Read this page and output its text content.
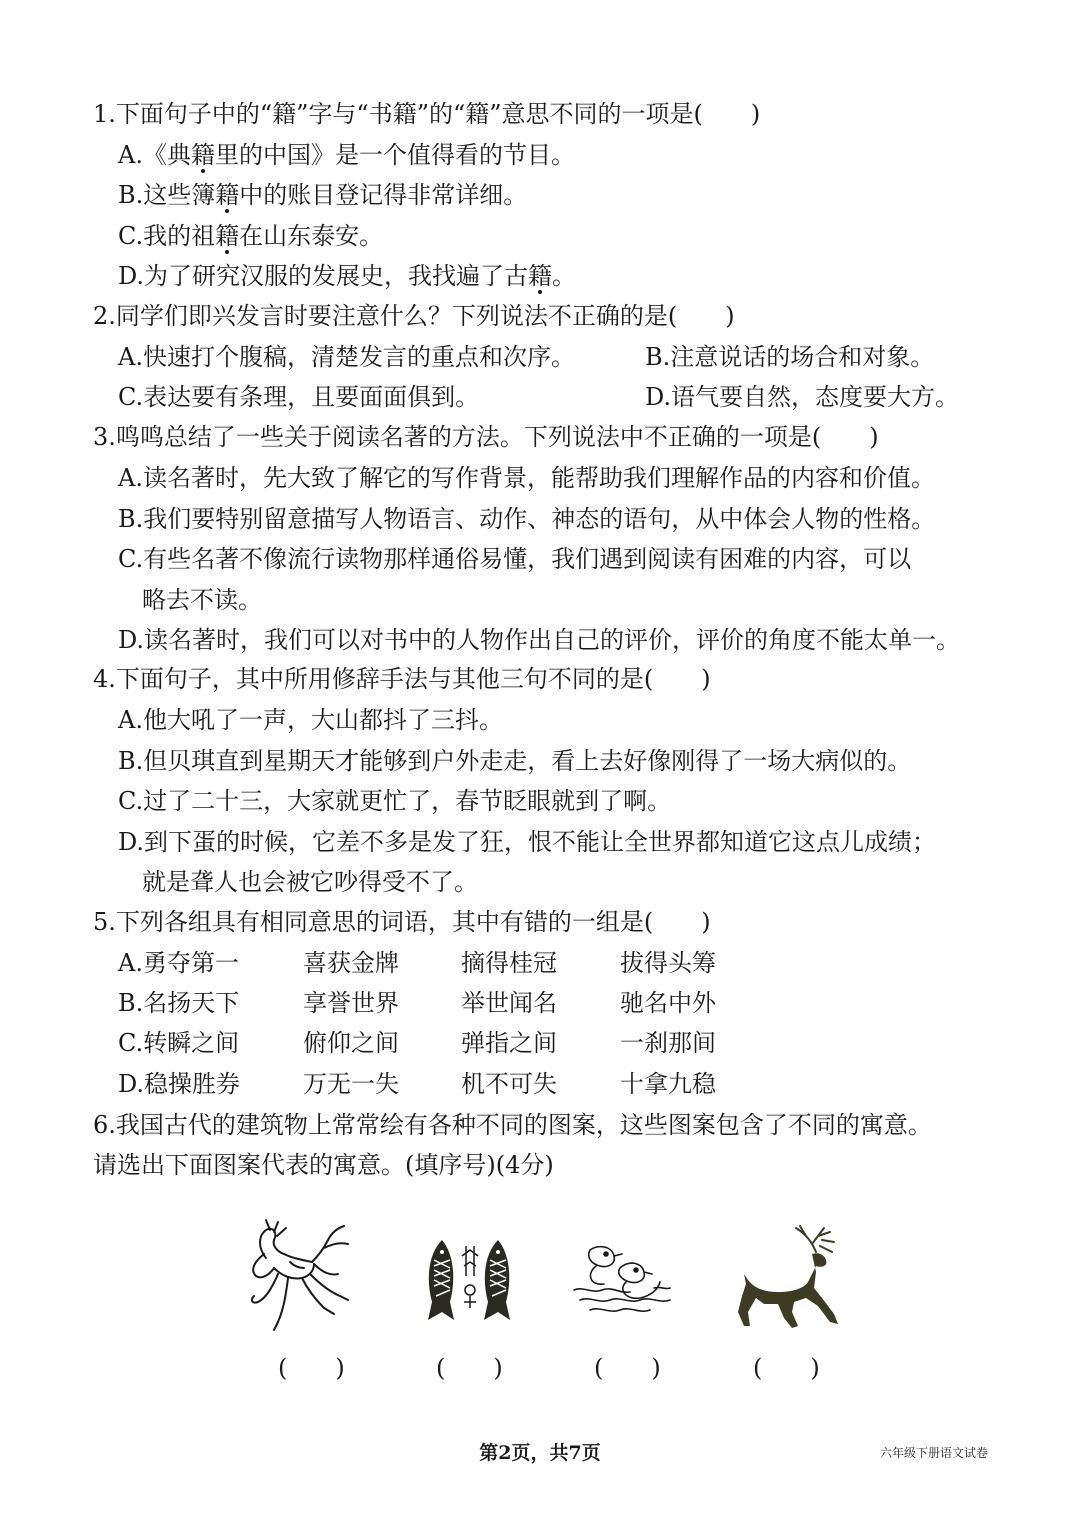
1.下面句子中的“籍”字与“书籍”的“籍”意思不同的一项是(　　)
A.《典籍里的中国》是一个值得看的节目。
B.这些簿籍中的账目登记得非常详细。
C.我的祖籍在山东泰安。
D.为了研究汉服的发展史，我找遍了古籍。
2.同学们即兴发言时要注意什么？下列说法不正确的是(　　)
A.快速打个腹稿，清楚发言的重点和次序。	B.注意说话的场合和对象。
C.表达要有条理，且要面面俱到。	D.语气要自然，态度要大方。
3.鸣鸣总结了一些关于阅读名著的方法。下列说法中不正确的一项是(　　)
A.读名著时，先大致了解它的写作背景，能帮助我们理解作品的内容和价值。
B.我们要特别留意描写人物语言、动作、神态的语句，从中体会人物的性格。
C.有些名著不像流行读物那样通俗易懂，我们遇到阅读有困难的内容，可以
略去不读。
D.读名著时，我们可以对书中的人物作出自己的评价，评价的角度不能太单一。
4.下面句子，其中所用修辞手法与其他三句不同的是(　　)
A.他大吼了一声，大山都抖了三抖。
B.但贝琪直到星期天才能够到户外走走，看上去好像刚得了一场大病似的。
C.过了二十三，大家就更忙了，春节眨眼就到了啊。
D.到下蛋的时候，它差不多是发了狂，恨不能让全世界都知道它这点儿成绩；
就是聋人也会被它吵得受不了。
5.下列各组具有相同意思的词语，其中有错的一组是(　　)
A.勇夺第一	喜获金牌	摘得桂冠	拔得头筹
B.名扬天下	享誉世界	举世闻名	驰名中外
C.转瞬之间	俯仰之间	弹指之间	一刹那间
D.稳操胜券	万无一失	机不可失	十拿九稳
6.我国古代的建筑物上常常绘有各种不同的图案，这些图案包含了不同的寓意。
请选出下面图案代表的寓意。(填序号)(4分)
(　　)	(　　)	(　　)	(　　)
第2页，共7页	六年级下册语文试卷
